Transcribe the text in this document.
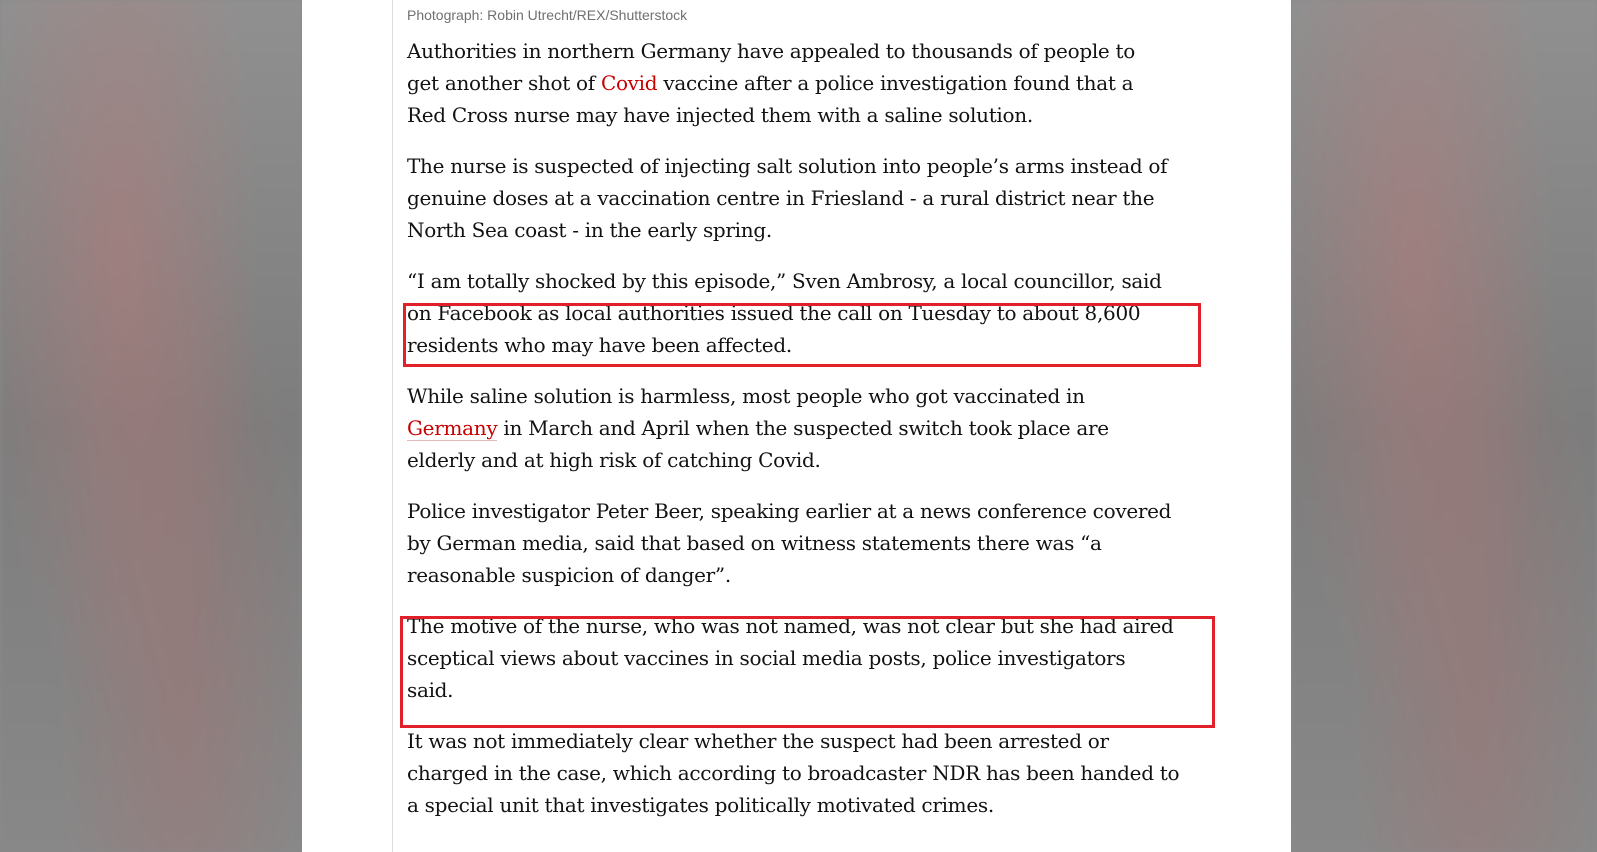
Photograph: Robin Utrecht/REX/Shutterstock
Authorities in northern Germany have appealed to thousands of people to
get another shot of Covid vaccine after a police investigation found that a
Red Cross nurse may have injected them with a saline solution.
The nurse is suspected of injecting salt solution into people’s arms instead of
genuine doses at a vaccination centre in Friesland - a rural district near the
North Sea coast - in the early spring.
“I am totally shocked by this episode,” Sven Ambrosy, a local councillor, said
on Facebook as local authorities issued the call on Tuesday to about 8,600
residents who may have been affected.
While saline solution is harmless, most people who got vaccinated in
Germany in March and April when the suspected switch took place are
elderly and at high risk of catching Covid.
Police investigator Peter Beer, speaking earlier at a news conference covered
by German media, said that based on witness statements there was “a
reasonable suspicion of danger”.
The motive of the nurse, who was not named, was not clear but she had aired
sceptical views about vaccines in social media posts, police investigators
said.
It was not immediately clear whether the suspect had been arrested or
charged in the case, which according to broadcaster NDR has been handed to
a special unit that investigates politically motivated crimes.
